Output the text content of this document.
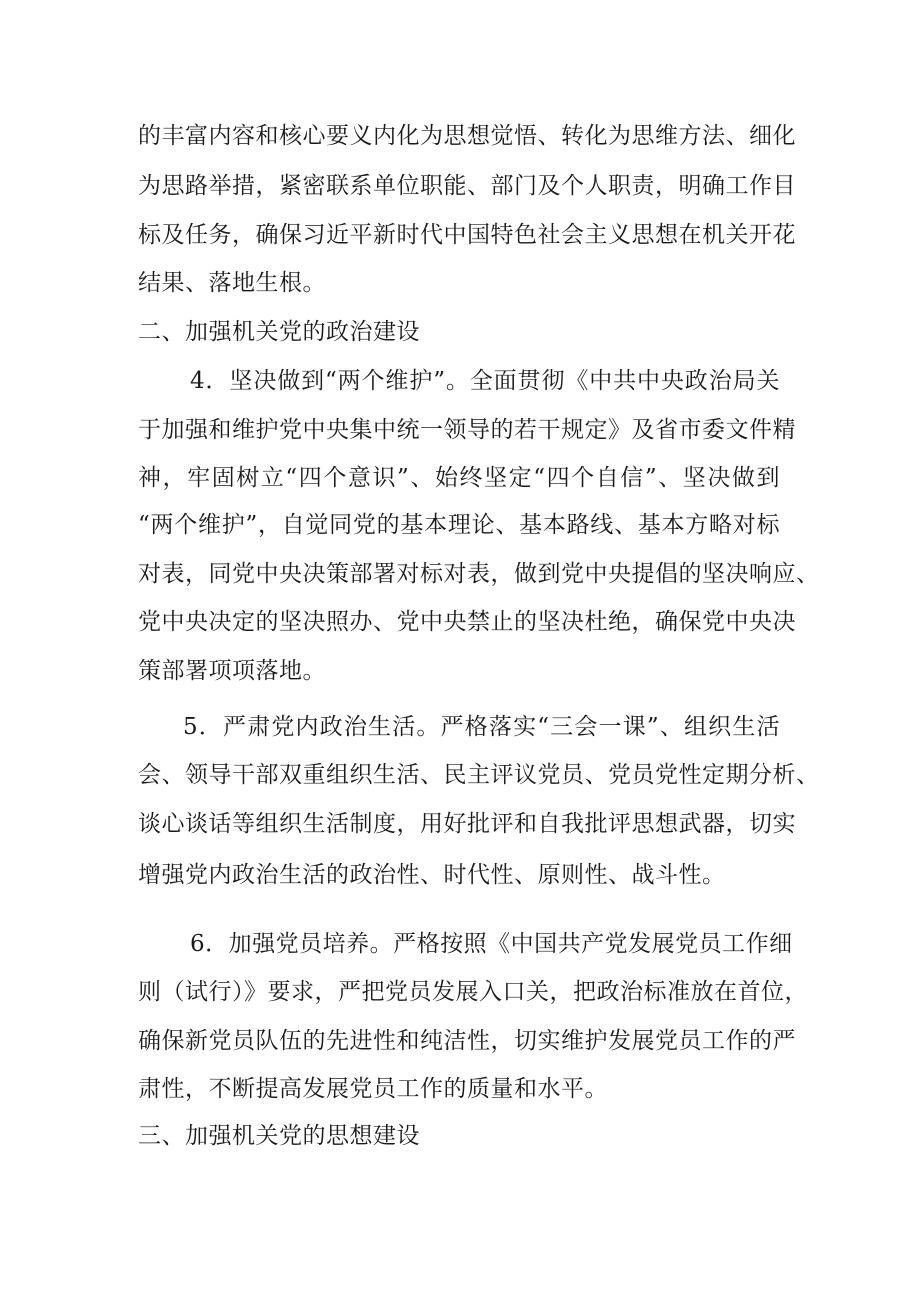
的丰富内容和核心要义内化为思想觉悟、转化为思维方法、细化
为思路举措，紧密联系单位职能、部门及个人职责，明确工作目
标及任务，确保习近平新时代中国特色社会主义思想在机关开花
结果、落地生根。
二、加强机关党的政治建设
4．坚决做到“两个维护”。全面贯彻《中共中央政治局关
于加强和维护党中央集中统一领导的若干规定》及省市委文件精
神，牢固树立“四个意识”、始终坚定“四个自信”、坚决做到
“两个维护”，自觉同党的基本理论、基本路线、基本方略对标
对表，同党中央决策部署对标对表，做到党中央提倡的坚决响应、
党中央决定的坚决照办、党中央禁止的坚决杜绝，确保党中央决
策部署项项落地。
5．严肃党内政治生活。严格落实“三会一课”、组织生活
会、领导干部双重组织生活、民主评议党员、党员党性定期分析、
谈心谈话等组织生活制度，用好批评和自我批评思想武器，切实
增强党内政治生活的政治性、时代性、原则性、战斗性。
6．加强党员培养。严格按照《中国共产党发展党员工作细
则（试行）》要求，严把党员发展入口关，把政治标准放在首位，
确保新党员队伍的先进性和纯洁性，切实维护发展党员工作的严
肃性，不断提高发展党员工作的质量和水平。
三、加强机关党的思想建设
